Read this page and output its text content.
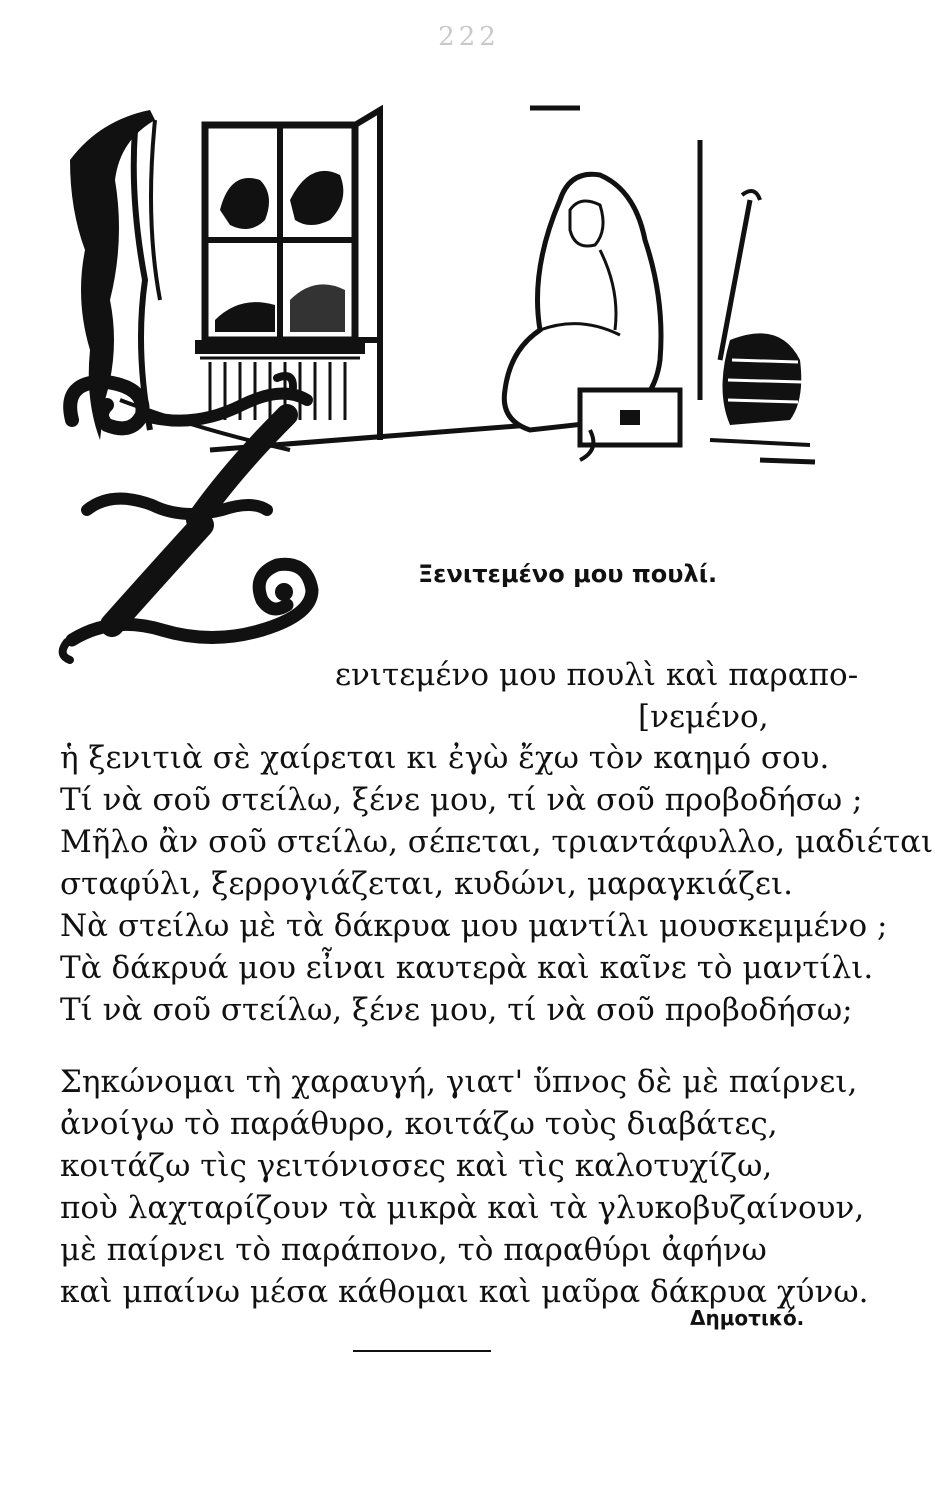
222
Ξενιτεμένο μου πουλί.
ενιτεμένο μου πουλὶ καὶ παραπο-
[νεμένο,
ἡ ξενιτιὰ σὲ χαίρεται κι ἐγὼ ἔχω τὸν καημό σου.
Τί νὰ σοῦ στείλω, ξένε μου, τί νὰ σοῦ προβοδήσω ;
Μῆλο ἂν σοῦ στείλω, σέπεται, τριαντάφυλλο, μαδιέται
σταφύλι, ξερρογιάζεται, κυδώνι, μαραγκιάζει.
Νὰ στείλω μὲ τὰ δάκρυα μου μαντίλι μουσκεμμένο ;
Τὰ δάκρυά μου εἶναι καυτερὰ καὶ καῖνε τὸ μαντίλι.
Τί νὰ σοῦ στείλω, ξένε μου, τί νὰ σοῦ προβοδήσω;
Σηκώνομαι τὴ χαραυγή, γιατ' ὕπνος δὲ μὲ παίρνει,
ἀνοίγω τὸ παράθυρο, κοιτάζω τοὺς διαβάτες,
κοιτάζω τὶς γειτόνισσες καὶ τὶς καλοτυχίζω,
ποὺ λαχταρίζουν τὰ μικρὰ καὶ τὰ γλυκοβυζαίνουν,
μὲ παίρνει τὸ παράπονο, τὸ παραθύρι ἀφήνω
καὶ μπαίνω μέσα κάθομαι καὶ μαῦρα δάκρυα χύνω.
Δημοτικό.
